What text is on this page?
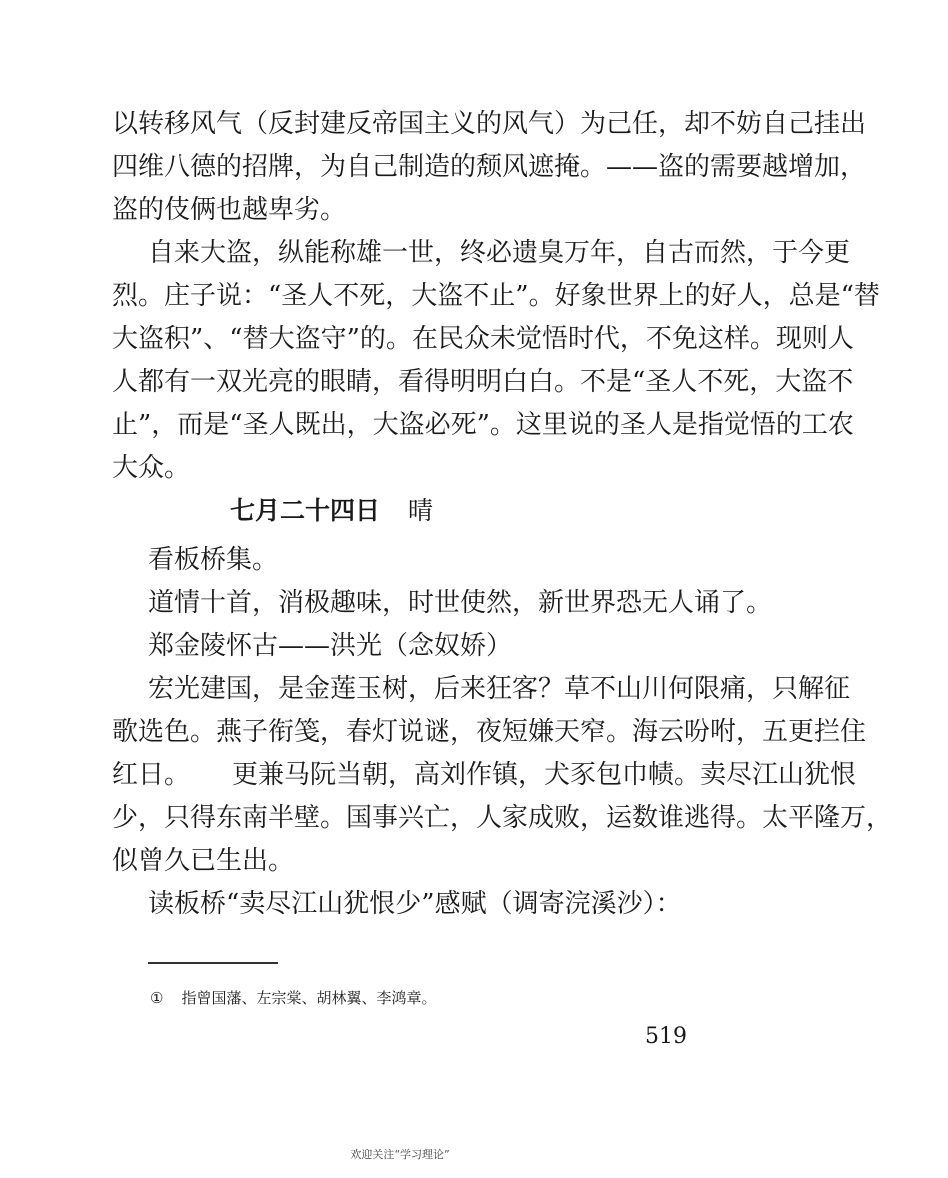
以转移风气（反封建反帝国主义的风气）为己任，却不妨自己挂出
四维八德的招牌，为自己制造的颓风遮掩。——盗的需要越增加，
盗的伎俩也越卑劣。
自来大盗，纵能称雄一世，终必遗臭万年，自古而然，于今更
烈。庄子说：“圣人不死，大盗不止”。好象世界上的好人，总是“替
大盗积”、“替大盗守”的。在民众未觉悟时代，不免这样。现则人
人都有一双光亮的眼睛，看得明明白白。不是“圣人不死，大盗不
止”，而是“圣人既出，大盗必死”。这里说的圣人是指觉悟的工农
大众。
七月二十四日 晴
看板桥集。
道情十首，消极趣味，时世使然，新世界恐无人诵了。
郑金陵怀古——洪光（念奴娇）
宏光建国，是金莲玉树，后来狂客？草不山川何限痛，只解征
歌选色。燕子衔笺，春灯说谜，夜短嫌天窄。海云吩咐，五更拦住
红日。 更兼马阮当朝，高刘作镇，犬豕包巾帻。卖尽江山犹恨
少，只得东南半壁。国事兴亡，人家成败，运数谁逃得。太平隆万，
似曾久已生出。
读板桥“卖尽江山犹恨少”感赋（调寄浣溪沙）：
① 指曾国藩、左宗棠、胡林翼、李鸿章。
519
欢迎关注“学习理论”
